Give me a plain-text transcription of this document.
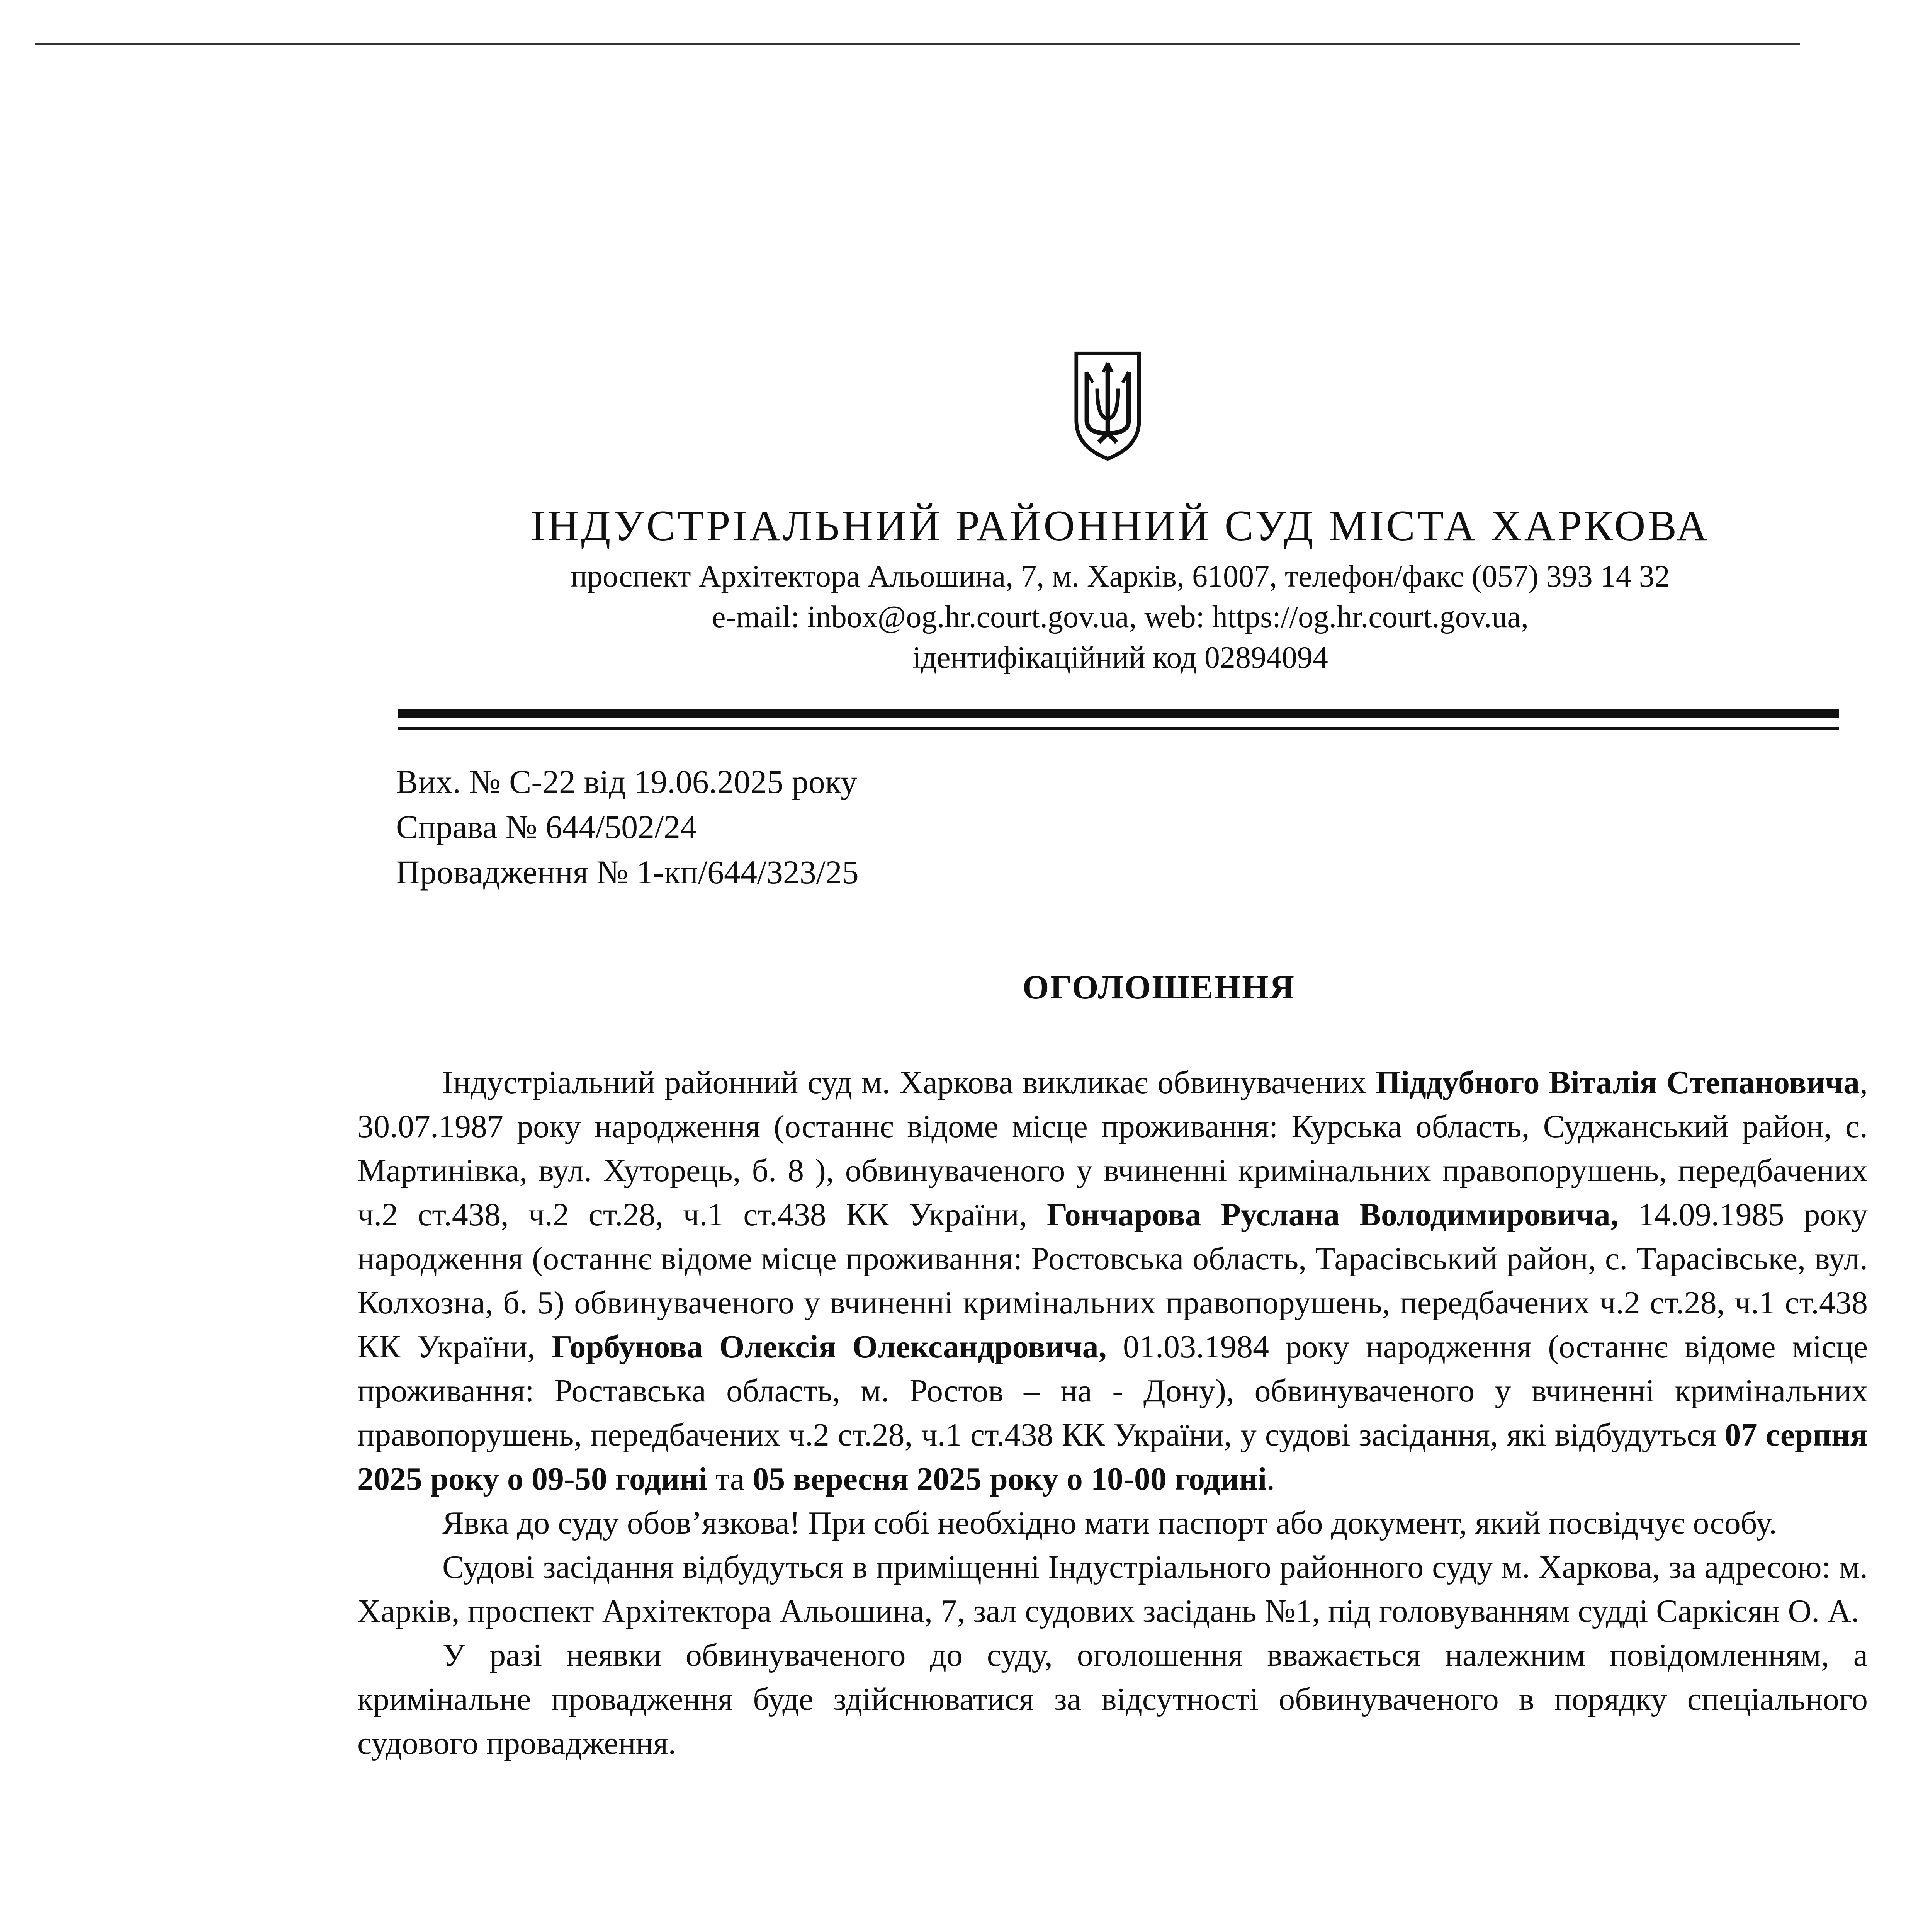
ІНДУСТРІАЛЬНИЙ РАЙОННИЙ СУД МІСТА ХАРКОВА
проспект Архітектора Альошина, 7, м. Харків, 61007, телефон/факс (057) 393 14 32
e-mail: inbox@og.hr.court.gov.ua, web: https://og.hr.court.gov.ua,
ідентифікаційний код 02894094
Вих. № С-22 від 19.06.2025 року
Справа № 644/502/24
Провадження № 1-кп/644/323/25
ОГОЛОШЕННЯ

Індустріальний районний суд м. Харкова викликає обвинувачених Піддубного Віталія Степановича, 30.07.1987 року народження (останнє відоме місце проживання: Курська область, Суджанський район, с. Мартинівка, вул. Хуторець, б. 8 ), обвинуваченого у вчиненні кримінальних правопорушень, передбачених ч.2 ст.438, ч.2 ст.28, ч.1 ст.438 КК України, Гончарова Руслана Володимировича, 14.09.1985 року народження (останнє відоме місце проживання: Ростовська область, Тарасівський район, с. Тарасівське, вул. Колхозна, б. 5) обвинуваченого у вчиненні кримінальних правопорушень, передбачених ч.2 ст.28, ч.1 ст.438 КК України, Горбунова Олексія Олександровича, 01.03.1984 року народження (останнє відоме місце проживання: Роставська область, м. Ростов – на - Дону), обвинуваченого у вчиненні кримінальних правопорушень, передбачених ч.2 ст.28, ч.1 ст.438 КК України, у судові засідання, які відбудуться 07 серпня 2025 року о 09-50 годині та 05 вересня 2025 року о 10-00 годині.

Явка до суду обов’язкова! При собі необхідно мати паспорт або документ, який посвідчує особу.

Судові засідання відбудуться в приміщенні Індустріального районного суду м. Харкова, за адресою: м. Харків, проспект Архітектора Альошина, 7, зал судових засідань №1, під головуванням судді Саркісян О. А.

У разі неявки обвинуваченого до суду, оголошення вважається належним повідомленням, а кримінальне провадження буде здійснюватися за відсутності обвинуваченого в порядку спеціального судового провадження.
